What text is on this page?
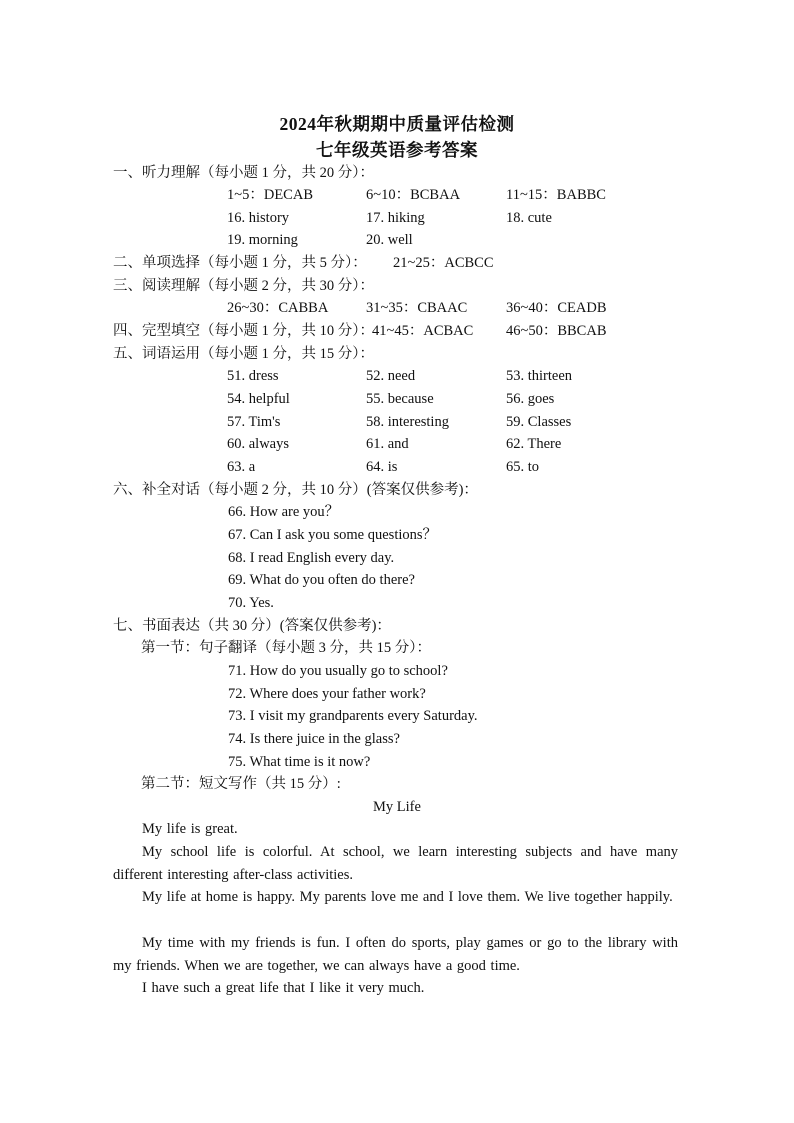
2024年秋期期中质量评估检测
七年级英语参考答案
一、听力理解（每小题 1 分，共 20 分）：
1~5：DECAB	6~10：BCBAA	11~15：BABBC
16. history	17. hiking	18. cute
19. morning	20. well
二、单项选择（每小题 1 分，共 5 分）： 21~25：ACBCC
三、阅读理解（每小题 2 分，共 30 分）：
26~30：CABBA	31~35：CBAAC	36~40：CEADB
四、完型填空（每小题 1 分，共 10 分）：
41~45：ACBAC 46~50：BBCAB
五、词语运用（每小题 1 分，共 15 分）：
51. dress	52. need	53. thirteen
54. helpful	55. because	56. goes
57. Tim's	58. interesting	59. Classes
60. always	61. and	62. There
63. a	64. is	65. to
六、补全对话（每小题 2 分，共 10 分）(答案仅供参考)：
66. How are you？
67. Can I ask you some questions？
68. I read English every day.
69. What do you often do there?
70. Yes.
七、书面表达（共 30 分）(答案仅供参考)：
第一节：句子翻译（每小题 3 分，共 15 分）：
71. How do you usually go to school?
72. Where does your father work?
73. I visit my grandparents every Saturday.
74. Is there juice in the glass?
75. What time is it now?
第二节：短文写作（共 15 分）:
My Life
My life is great.
My school life is colorful. At school, we learn interesting subjects and have many different interesting after-class activities.
My life at home is happy. My parents love me and I love them. We live together happily.
My time with my friends is fun. I often do sports, play games or go to the library with my friends. When we are together, we can always have a good time.
I have such a great life that I like it very much.
